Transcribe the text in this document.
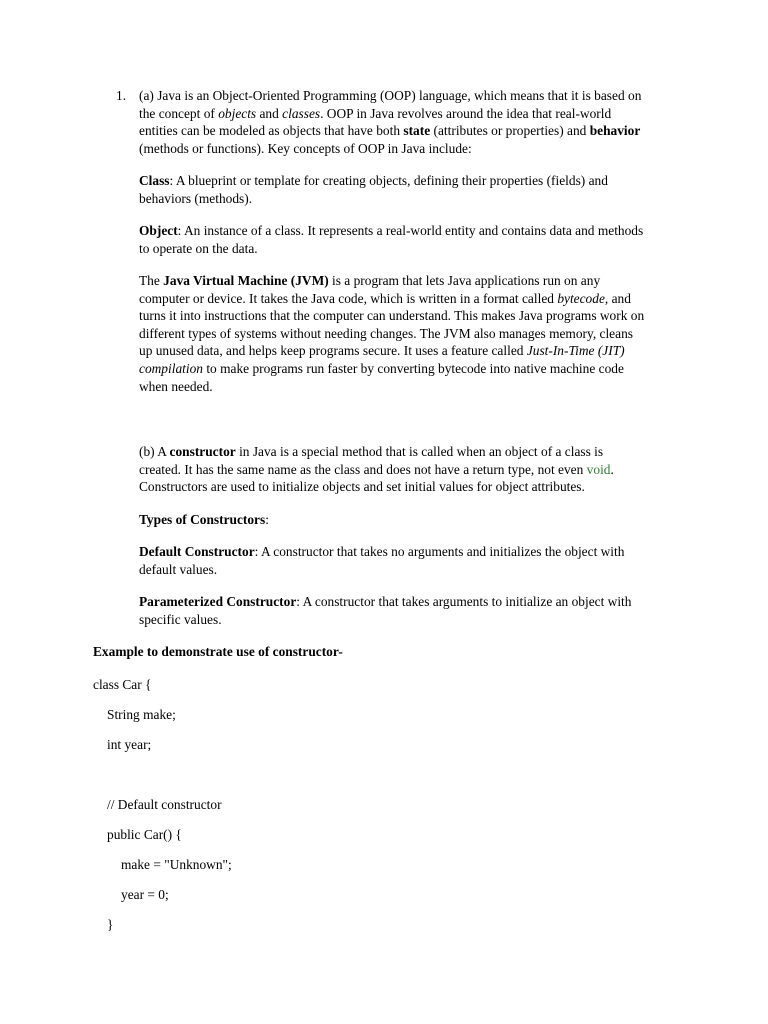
1. (a) Java is an Object-Oriented Programming (OOP) language, which means that it is based on
the concept of objects and classes. OOP in Java revolves around the idea that real-world
entities can be modeled as objects that have both state (attributes or properties) and behavior
(methods or functions). Key concepts of OOP in Java include:
Class: A blueprint or template for creating objects, defining their properties (fields) and
behaviors (methods).
Object: An instance of a class. It represents a real-world entity and contains data and methods
to operate on the data.
The Java Virtual Machine (JVM) is a program that lets Java applications run on any
computer or device. It takes the Java code, which is written in a format called bytecode, and
turns it into instructions that the computer can understand. This makes Java programs work on
different types of systems without needing changes. The JVM also manages memory, cleans
up unused data, and helps keep programs secure. It uses a feature called Just-In-Time (JIT)
compilation to make programs run faster by converting bytecode into native machine code
when needed.
(b) A constructor in Java is a special method that is called when an object of a class is
created. It has the same name as the class and does not have a return type, not even void.
Constructors are used to initialize objects and set initial values for object attributes.
Types of Constructors:
Default Constructor: A constructor that takes no arguments and initializes the object with
default values.
Parameterized Constructor: A constructor that takes arguments to initialize an object with
specific values.
Example to demonstrate use of constructor-
class Car {
String make;
int year;
// Default constructor
public Car() {
make = "Unknown";
year = 0;
}
